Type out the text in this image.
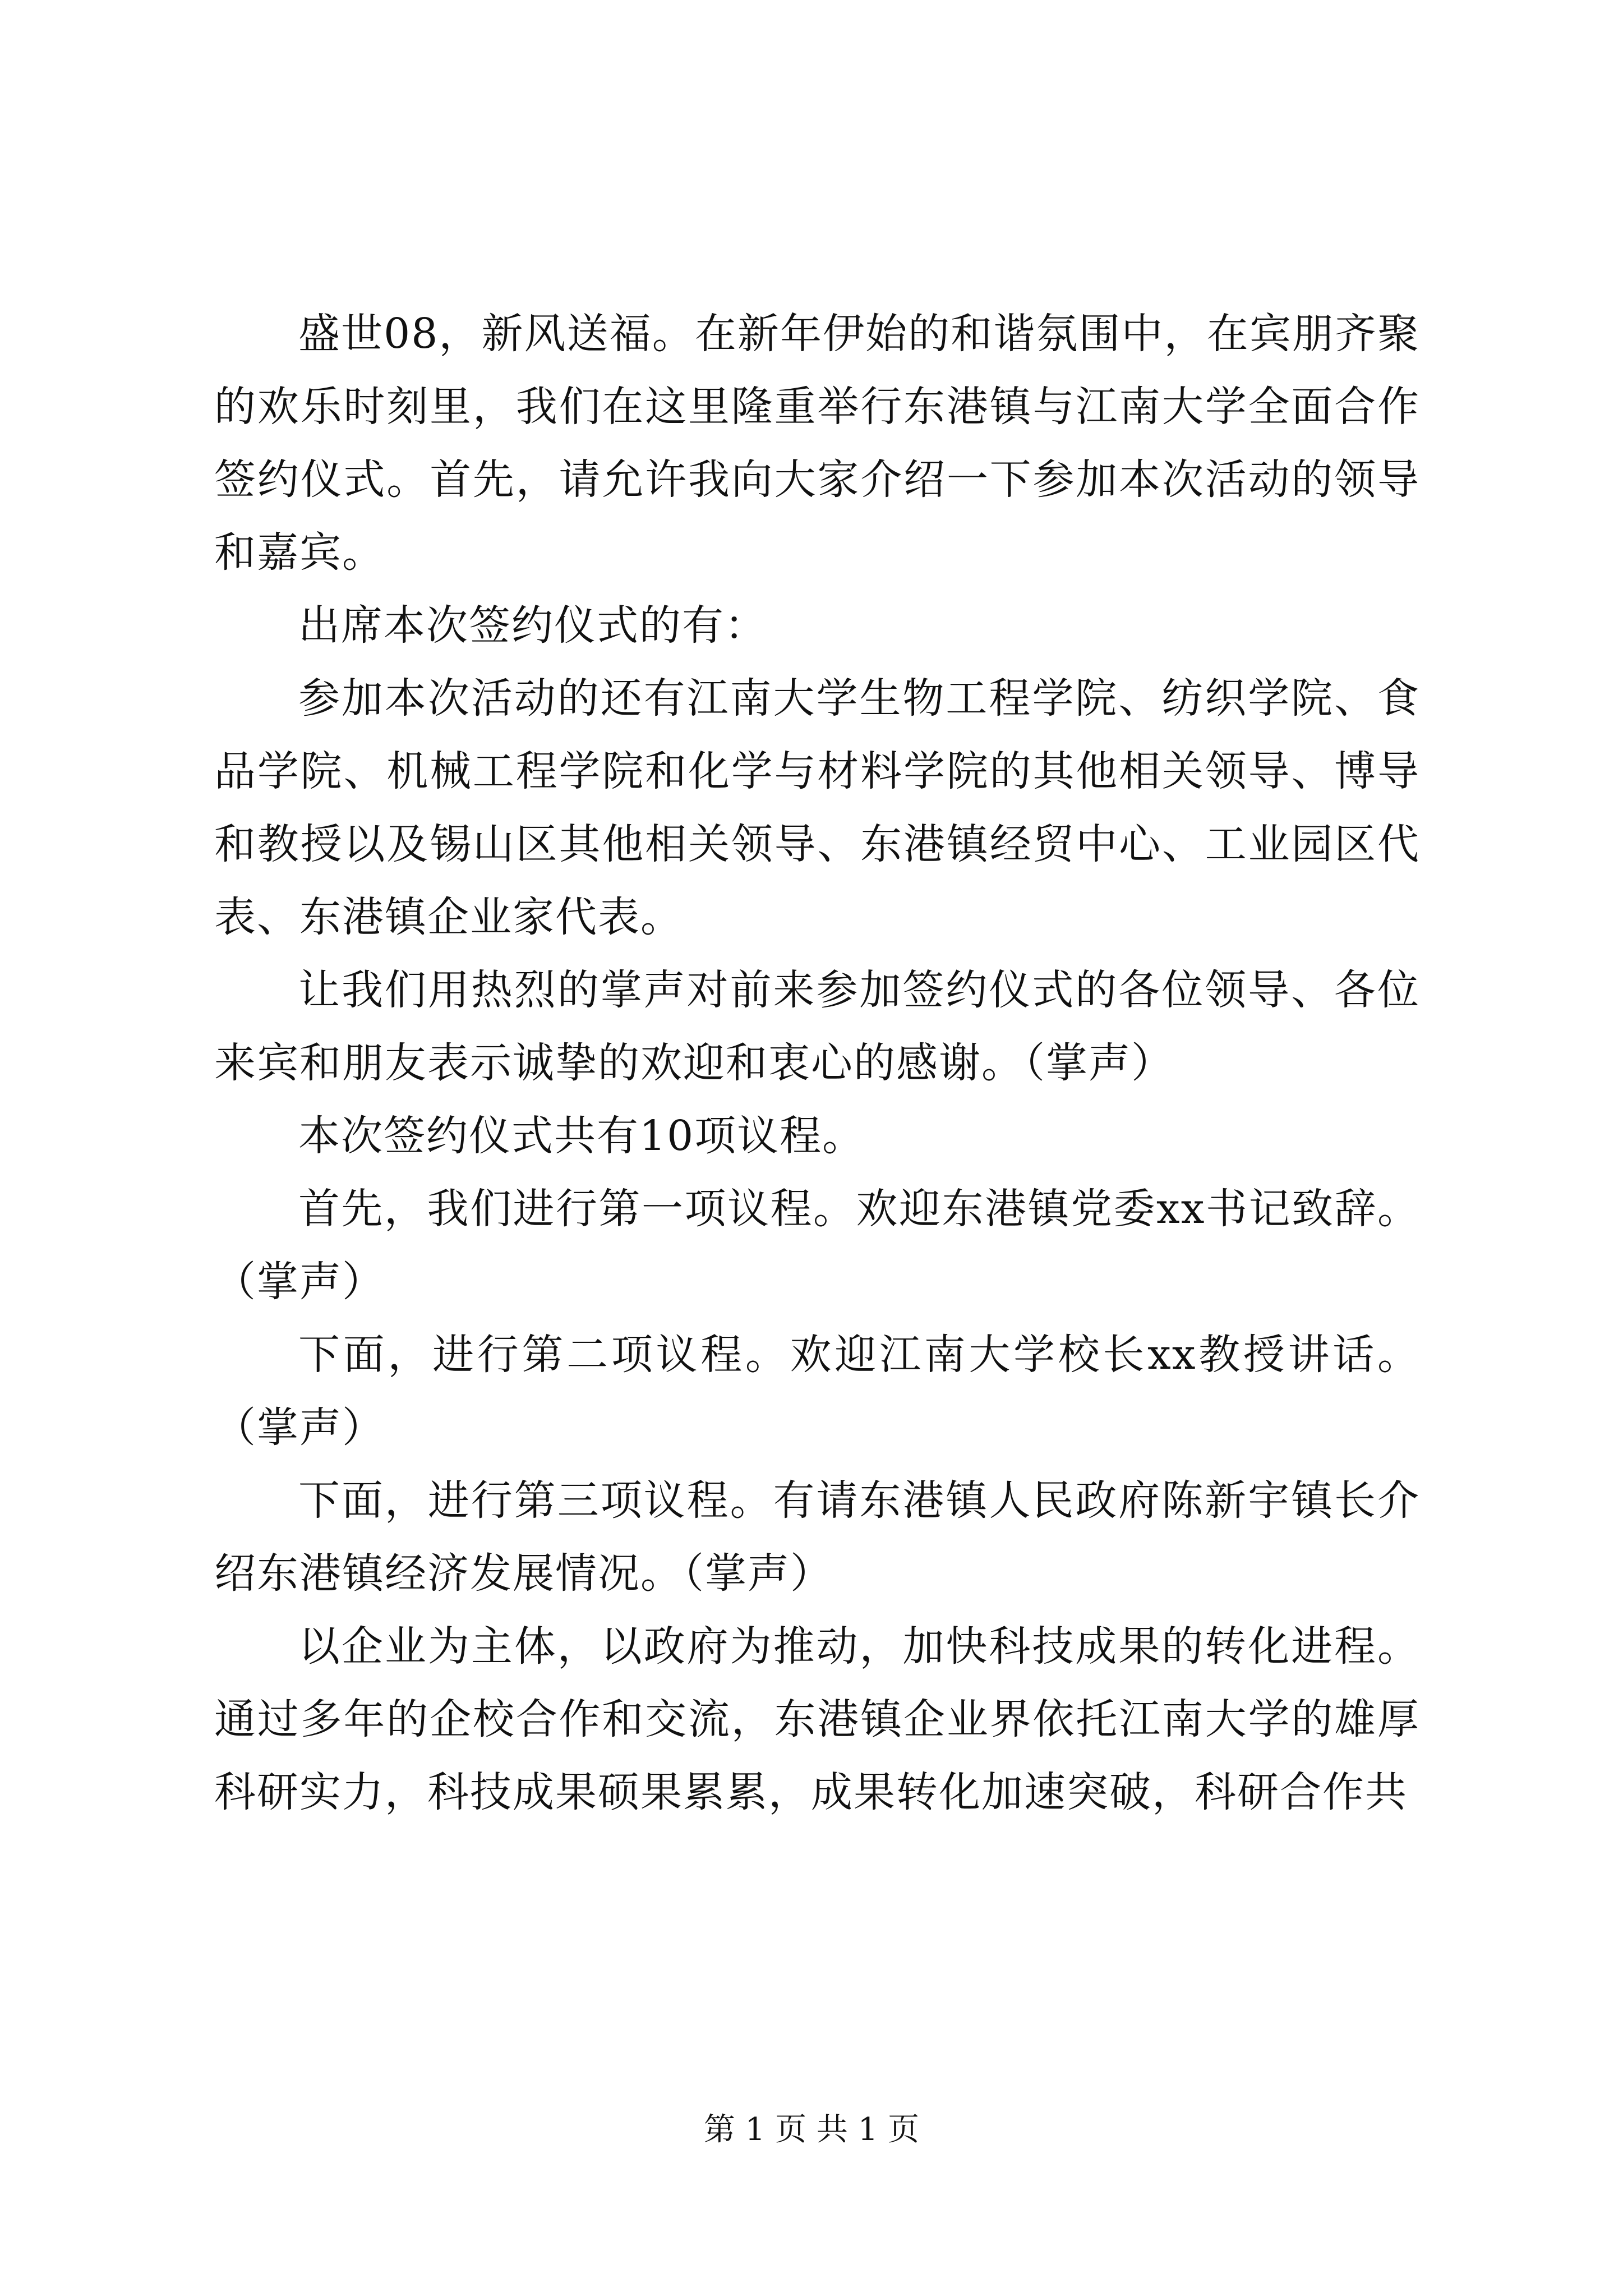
盛世08，新风送福。在新年伊始的和谐氛围中，在宾朋齐聚的欢乐时刻里，我们在这里隆重举行东港镇与江南大学全面合作签约仪式。首先，请允许我向大家介绍一下参加本次活动的领导和嘉宾。

出席本次签约仪式的有：

参加本次活动的还有江南大学生物工程学院、纺织学院、食品学院、机械工程学院和化学与材料学院的其他相关领导、博导和教授以及锡山区其他相关领导、东港镇经贸中心、工业园区代表、东港镇企业家代表。

让我们用热烈的掌声对前来参加签约仪式的各位领导、各位来宾和朋友表示诚挚的欢迎和衷心的感谢。（掌声）

本次签约仪式共有10项议程。

首先，我们进行第一项议程。欢迎东港镇党委xx书记致辞。（掌声）

下面，进行第二项议程。欢迎江南大学校长xx教授讲话。（掌声）

下面，进行第三项议程。有请东港镇人民政府陈新宇镇长介绍东港镇经济发展情况。（掌声）

以企业为主体，以政府为推动，加快科技成果的转化进程。通过多年的企校合作和交流，东港镇企业界依托江南大学的雄厚科研实力，科技成果硕果累累，成果转化加速突破，科研合作共

第 1 页 共 1 页
